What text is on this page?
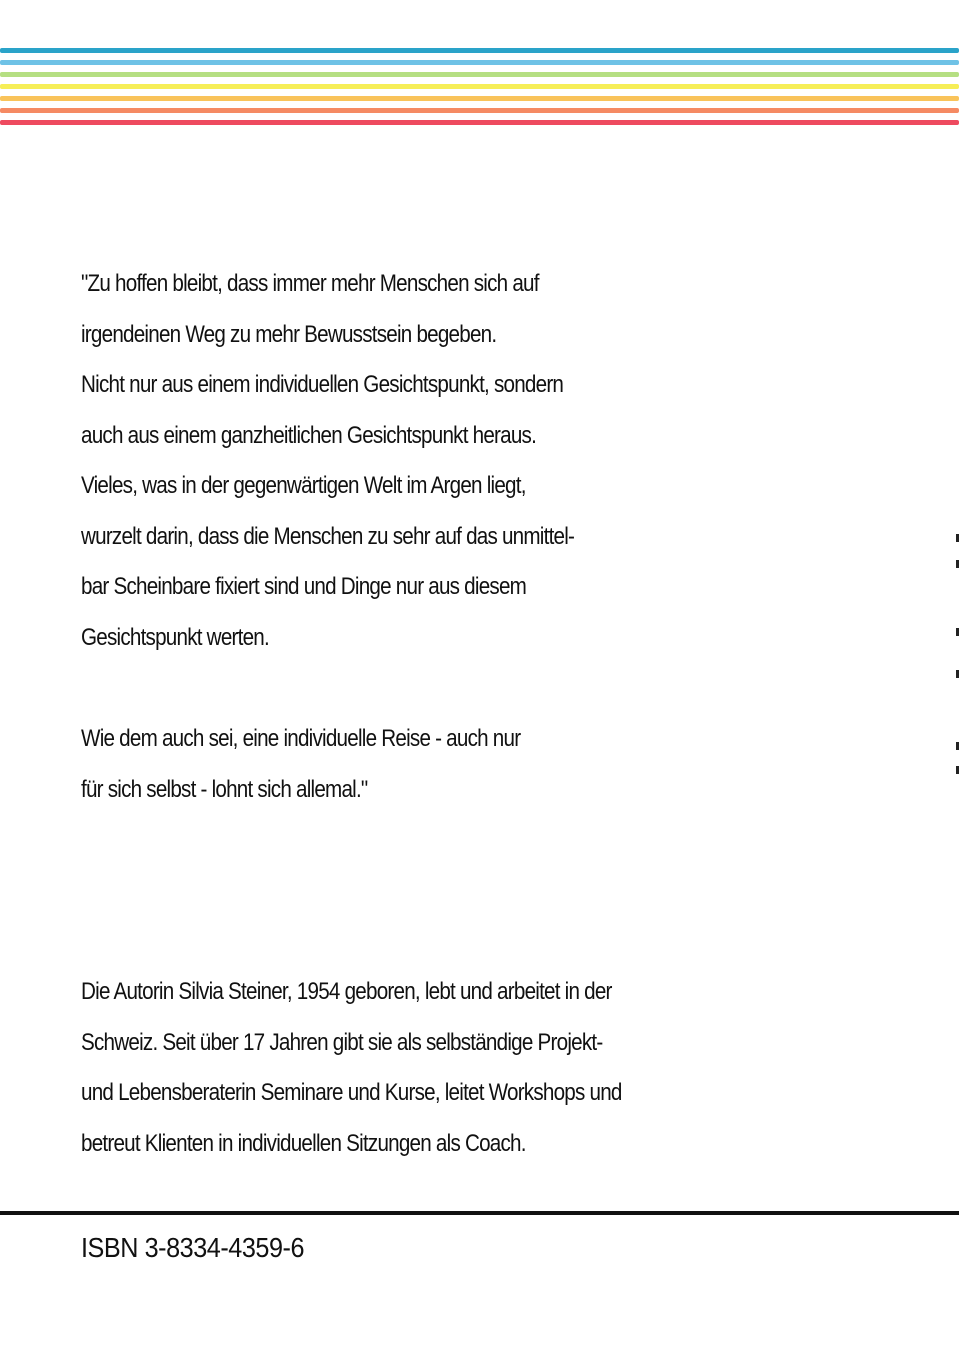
"Zu hoffen bleibt, dass immer mehr Menschen sich auf
irgendeinen Weg zu mehr Bewusstsein begeben.
Nicht nur aus einem individuellen Gesichtspunkt, sondern
auch aus einem ganzheitlichen Gesichtspunkt heraus.
Vieles, was in der gegenwärtigen Welt im Argen liegt,
wurzelt darin, dass die Menschen zu sehr auf das unmittel-
bar Scheinbare fixiert sind und Dinge nur aus diesem
Gesichtspunkt werten.
Wie dem auch sei, eine individuelle Reise - auch nur
für sich selbst - lohnt sich allemal."
Die Autorin Silvia Steiner, 1954 geboren, lebt und arbeitet in der
Schweiz. Seit über 17 Jahren gibt sie als selbständige Projekt-
und Lebensberaterin Seminare und Kurse, leitet Workshops und
betreut Klienten in individuellen Sitzungen als Coach.
ISBN 3-8334-4359-6
